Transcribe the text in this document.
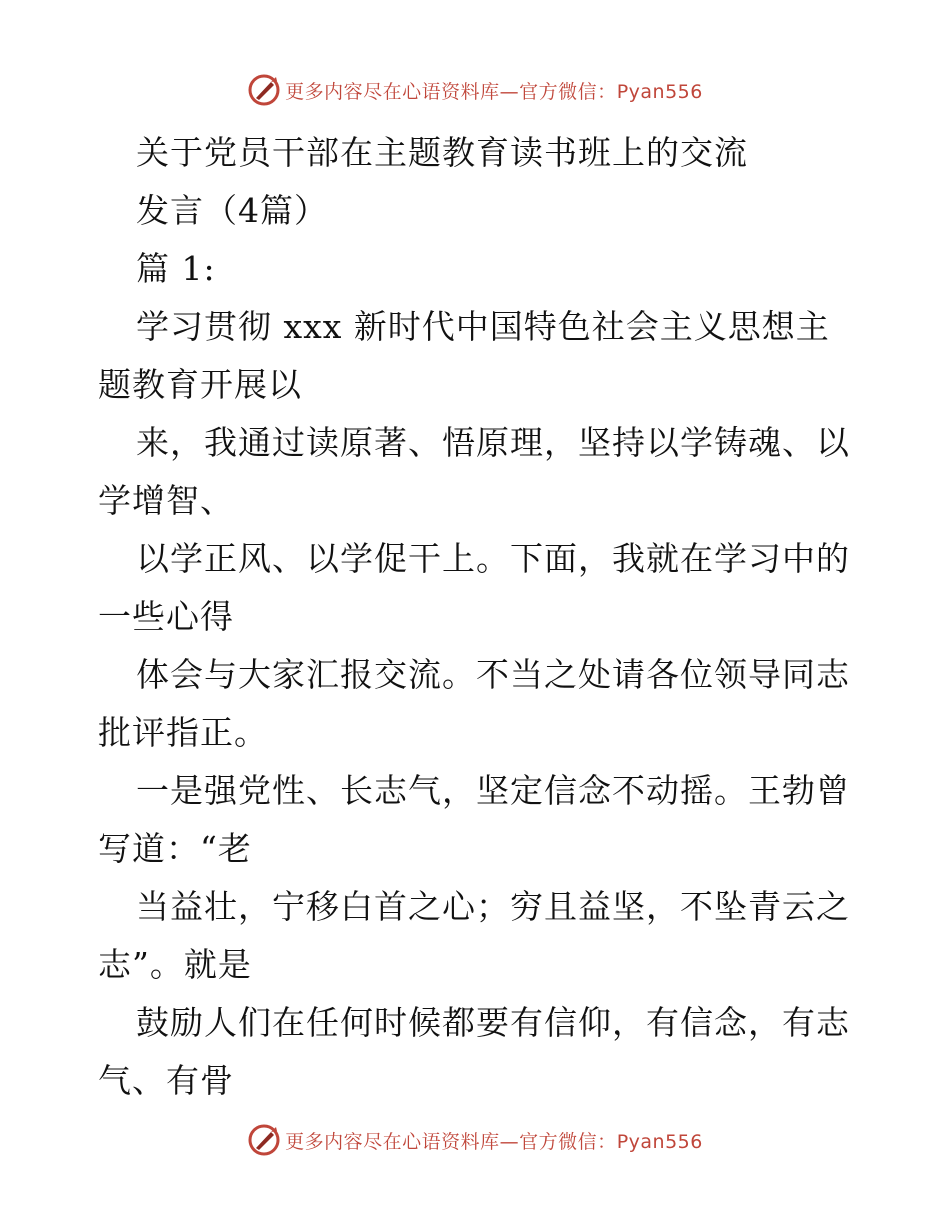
更多内容尽在心语资料库—官方微信：Pyan556
关于党员干部在主题教育读书班上的交流
发言（4篇）
篇 1:
学习贯彻 xxx 新时代中国特色社会主义思想主
题教育开展以
来，我通过读原著、悟原理，坚持以学铸魂、以
学增智、
以学正风、以学促干上。下面，我就在学习中的
一些心得
体会与大家汇报交流。不当之处请各位领导同志
批评指正。
一是强党性、长志气，坚定信念不动摇。王勃曾
写道：“老
当益壮，宁移白首之心；穷且益坚，不坠青云之
志”。就是
鼓励人们在任何时候都要有信仰，有信念，有志
气、有骨
更多内容尽在心语资料库—官方微信：Pyan556
